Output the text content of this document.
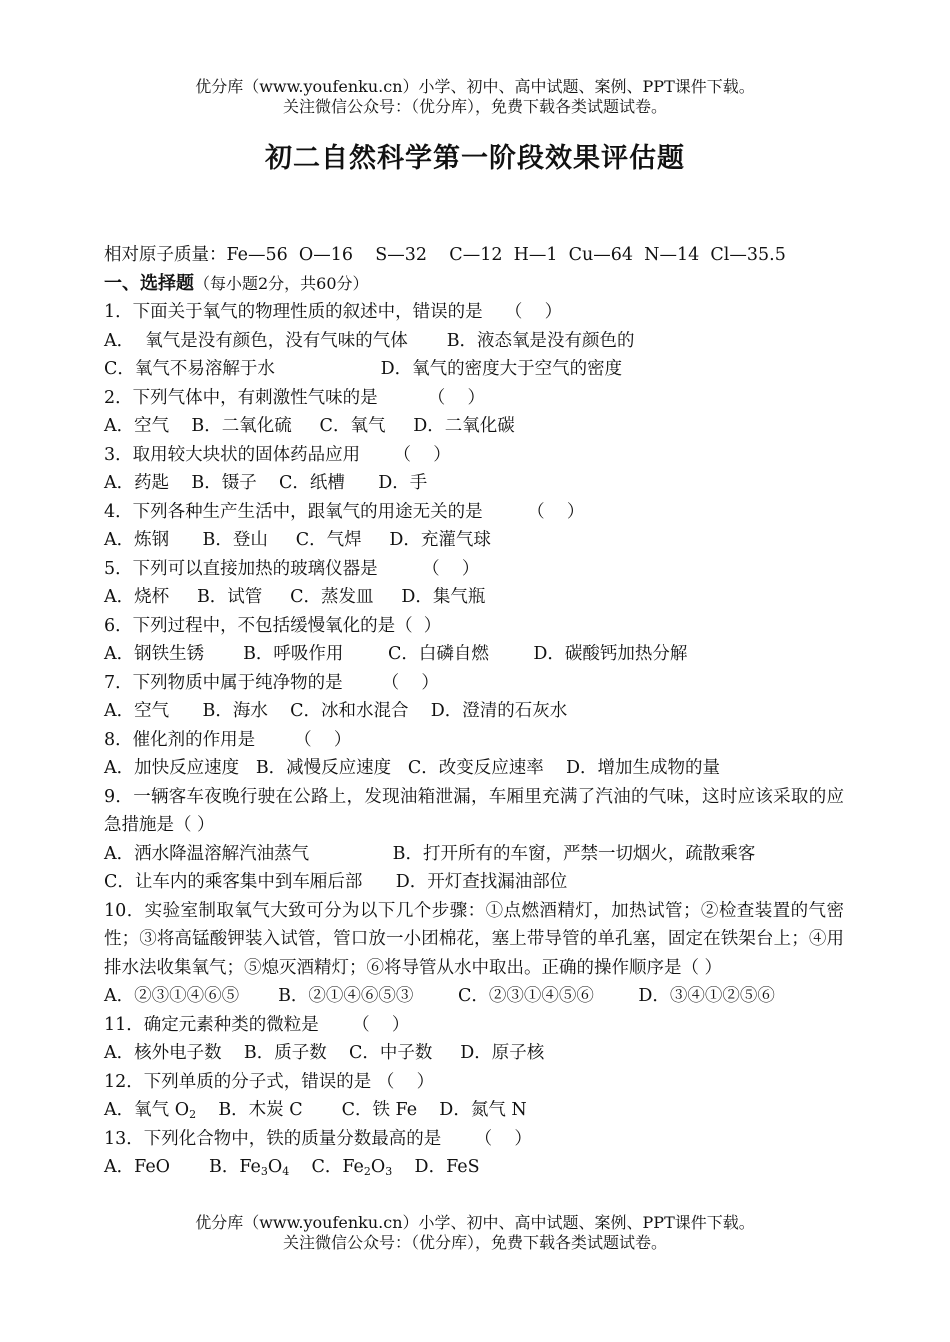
优分库（www.youfenku.cn）小学、初中、高中试题、案例、PPT课件下载。
关注微信公众号：（优分库），免费下载各类试题试卷。
初二自然科学第一阶段效果评估题
相对原子质量：Fe—56  O—16    S—32    C—12  H—1  Cu—64  N—14  Cl—35.5
一、选择题（每小题2分，共60分）
1．下面关于氧气的物理性质的叙述中，错误的是    （    ）
A．  氧气是没有颜色，没有气味的气体       B．液态氧是没有颜色的
C．氧气不易溶解于水                   D．氧气的密度大于空气的密度
2．下列气体中，有刺激性气味的是         （    ）
A．空气    B．二氧化硫     C．氧气     D．二氧化碳
3．取用较大块状的固体药品应用      （    ）
A．药匙    B．镊子    C．纸槽      D．手
4．下列各种生产生活中，跟氧气的用途无关的是        （    ）
A．炼钢      B．登山     C．气焊     D．充灌气球
5．下列可以直接加热的玻璃仪器是        （    ）
A．烧杯     B．试管     C．蒸发皿     D．集气瓶
6．下列过程中，不包括缓慢氧化的是（  ）
A．钢铁生锈       B．呼吸作用        C．白磷自燃        D．碳酸钙加热分解
7．下列物质中属于纯净物的是       （    ）
A．空气      B．海水    C．冰和水混合    D．澄清的石灰水
8．催化剂的作用是       （    ）
A．加快反应速度   B．减慢反应速度   C．改变反应速率    D．增加生成物的量
9．一辆客车夜晚行驶在公路上，发现油箱泄漏，车厢里充满了汽油的气味，这时应该采取的应急措施是（ ）
A．洒水降温溶解汽油蒸气               B．打开所有的车窗，严禁一切烟火，疏散乘客
C．让车内的乘客集中到车厢后部      D．开灯查找漏油部位
10．实验室制取氧气大致可分为以下几个步骤：①点燃酒精灯，加热试管；②检查装置的气密性；③将高锰酸钾装入试管，管口放一小团棉花，塞上带导管的单孔塞，固定在铁架台上；④用排水法收集氧气；⑤熄灭酒精灯；⑥将导管从水中取出。正确的操作顺序是（ ）
A．②③①④⑥⑤       B．②①④⑥⑤③        C．②③①④⑤⑥        D．③④①②⑤⑥
11．确定元素种类的微粒是      （    ）
A．核外电子数    B．质子数    C．中子数     D．原子核
12．下列单质的分子式，错误的是 （    ）
A．氧气 $O_2$    B．木炭 C       C．铁 Fe    D．氮气 N
13．下列化合物中，铁的质量分数最高的是      （    ）
A．FeO       B．$Fe_3O_4$    C．$Fe_2O_3$    D．FeS
优分库（www.youfenku.cn）小学、初中、高中试题、案例、PPT课件下载。
关注微信公众号：（优分库），免费下载各类试题试卷。
